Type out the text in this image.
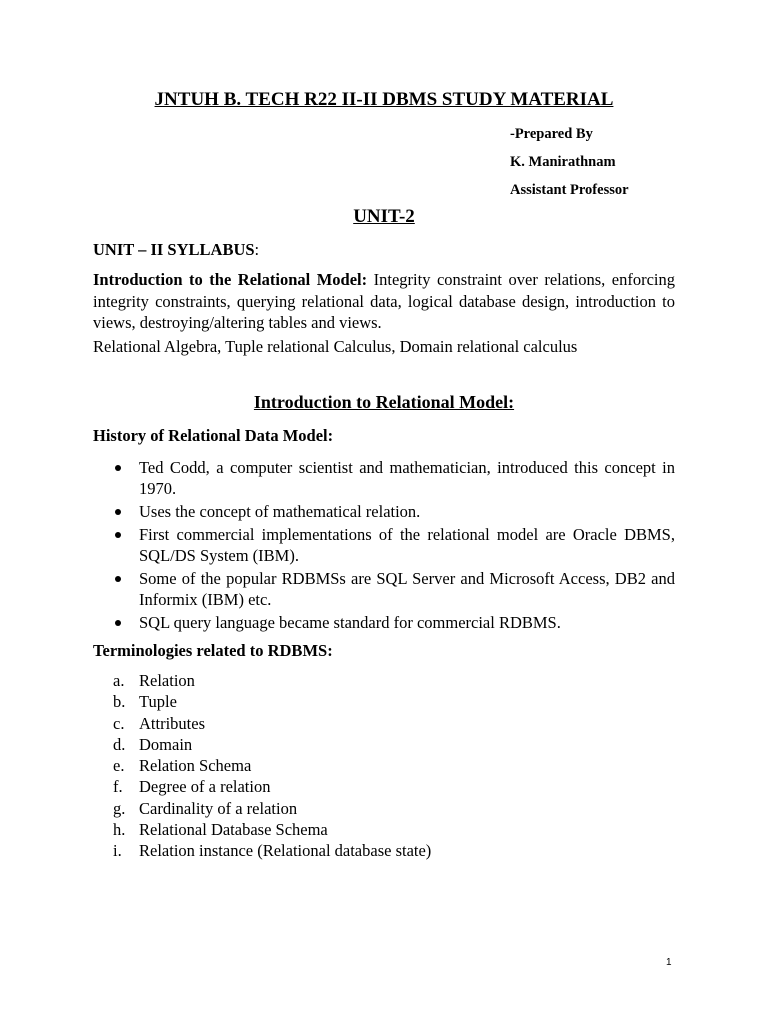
JNTUH B. TECH R22 II-II DBMS STUDY MATERIAL
-Prepared By
K. Manirathnam
Assistant Professor
UNIT-2
UNIT – II SYLLABUS:

Introduction to the Relational Model: Integrity constraint over relations, enforcing integrity constraints, querying relational data, logical database design, introduction to views, destroying/altering tables and views.

Relational Algebra, Tuple relational Calculus, Domain relational calculus
Introduction to Relational Model:
History of Relational Data Model:
Ted Codd, a computer scientist and mathematician, introduced this concept in 1970.
Uses the concept of mathematical relation.
First commercial implementations of the relational model are Oracle DBMS, SQL/DS System (IBM).
Some of the popular RDBMSs are SQL Server and Microsoft Access, DB2 and Informix (IBM) etc.
SQL query language became standard for commercial RDBMS.
Terminologies related to RDBMS:
a. Relation
b. Tuple
c. Attributes
d. Domain
e. Relation Schema
f. Degree of a relation
g. Cardinality of a relation
h. Relational Database Schema
i. Relation instance (Relational database state)
1
